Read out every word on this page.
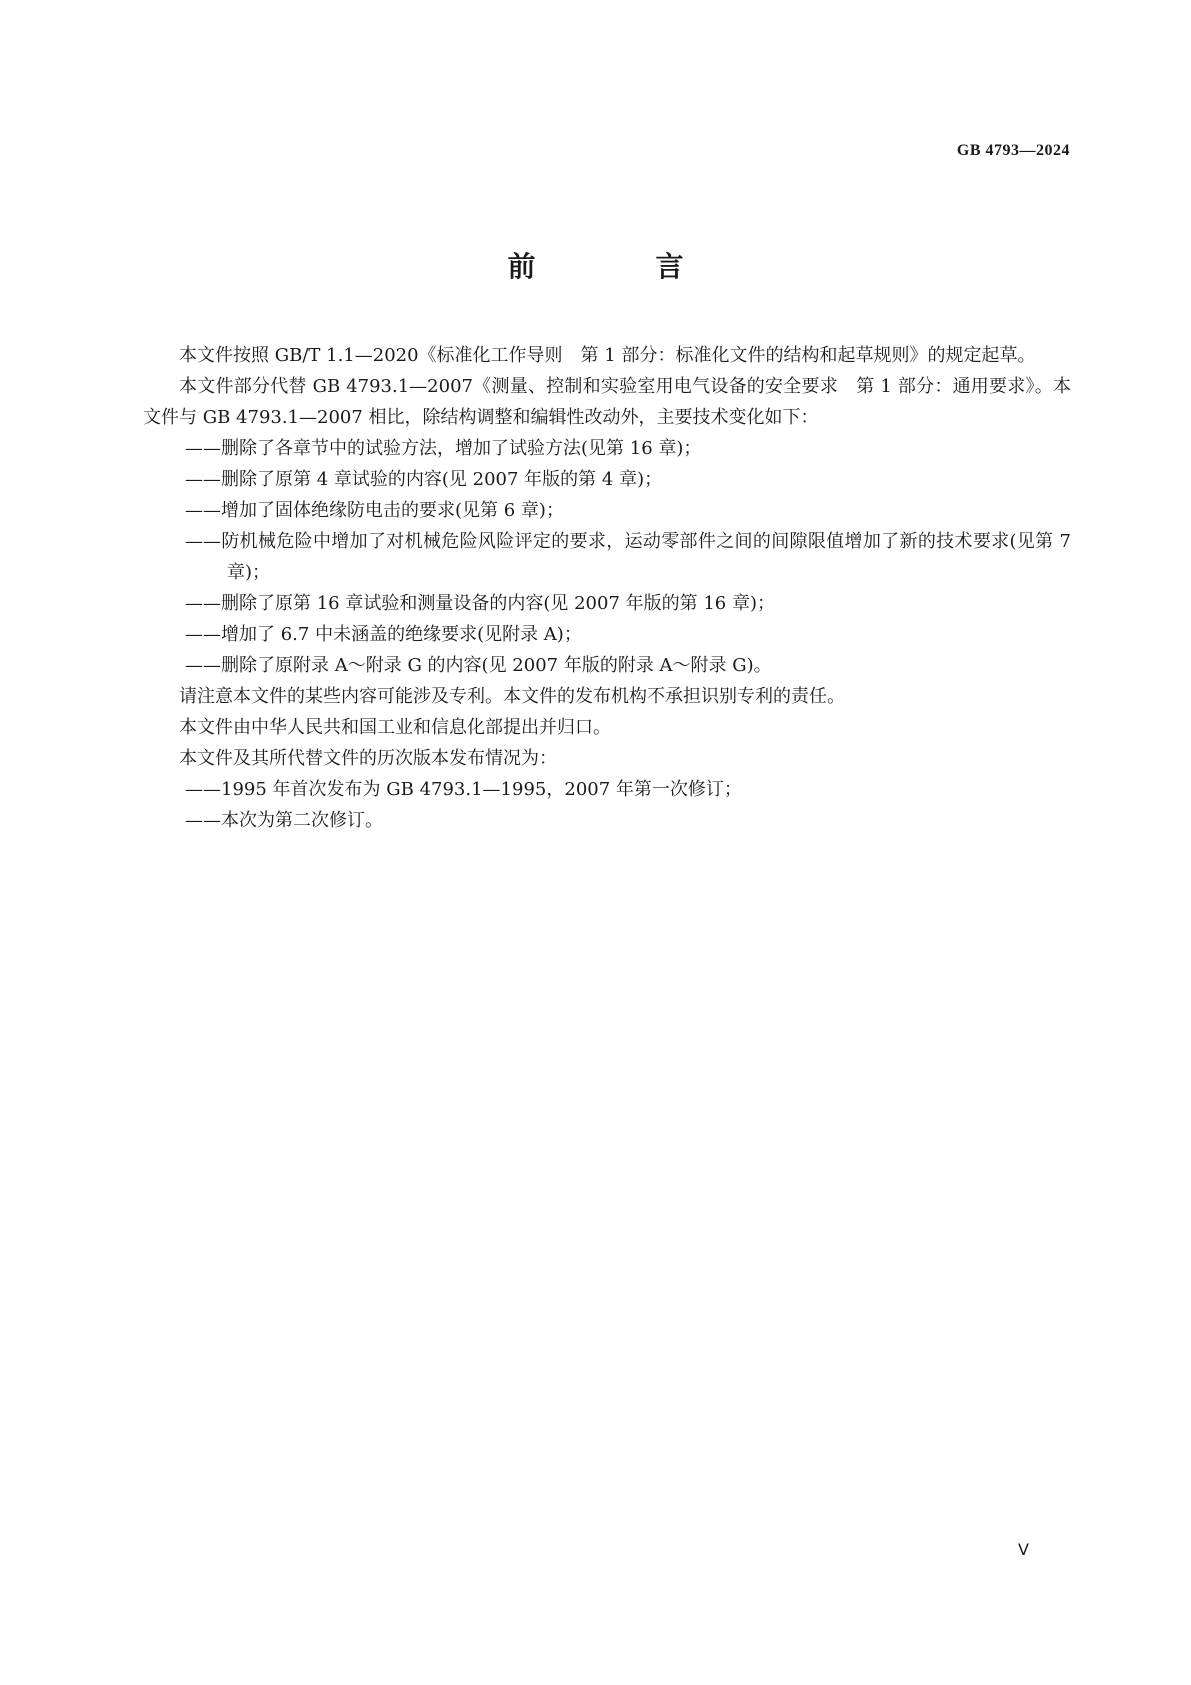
GB 4793—2024
前　言

本文件按照 GB/T 1.1—2020《标准化工作导则　第 1 部分：标准化文件的结构和起草规则》的规定起草。

本文件部分代替 GB 4793.1—2007《测量、控制和实验室用电气设备的安全要求　第 1 部分：通用要求》。本文件与 GB 4793.1—2007 相比，除结构调整和编辑性改动外，主要技术变化如下：

——删除了各章节中的试验方法，增加了试验方法(见第 16 章)；

——删除了原第 4 章试验的内容(见 2007 年版的第 4 章)；

——增加了固体绝缘防电击的要求(见第 6 章)；

——防机械危险中增加了对机械危险风险评定的要求，运动零部件之间的间隙限值增加了新的技术要求(见第 7 章)；

——删除了原第 16 章试验和测量设备的内容(见 2007 年版的第 16 章)；

——增加了 6.7 中未涵盖的绝缘要求(见附录 A)；

——删除了原附录 A～附录 G 的内容(见 2007 年版的附录 A～附录 G)。

请注意本文件的某些内容可能涉及专利。本文件的发布机构不承担识别专利的责任。

本文件由中华人民共和国工业和信息化部提出并归口。

本文件及其所代替文件的历次版本发布情况为：

——1995 年首次发布为 GB 4793.1—1995，2007 年第一次修订；

——本次为第二次修订。

Ⅴ
